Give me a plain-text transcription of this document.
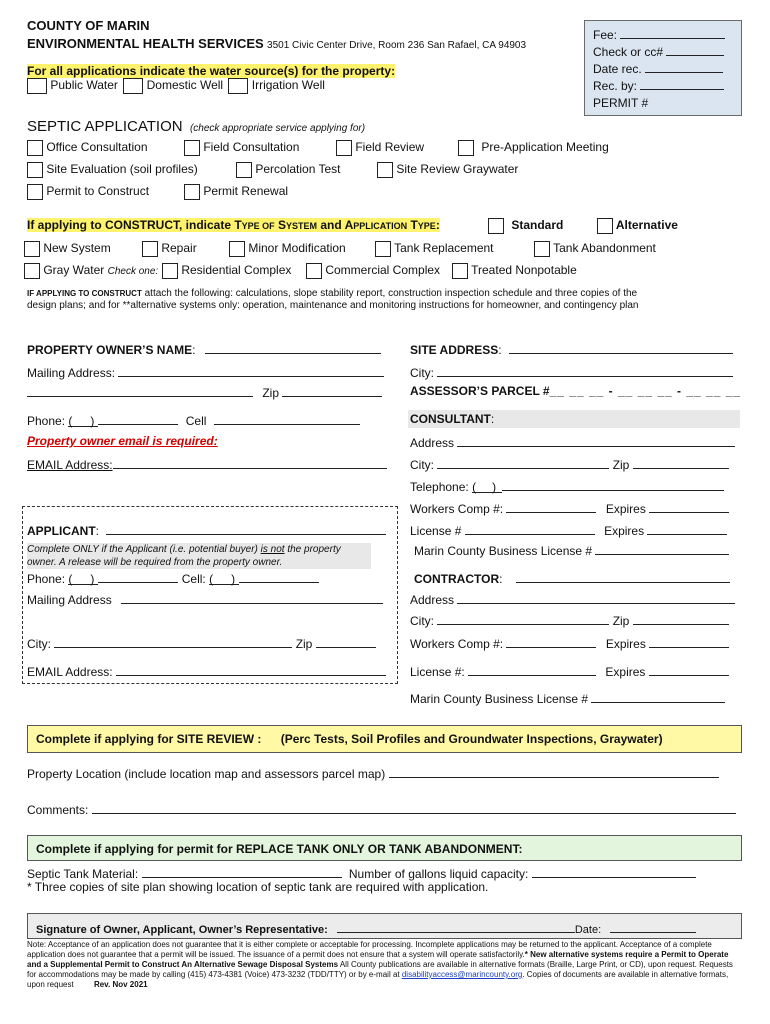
COUNTY OF MARIN
ENVIRONMENTAL HEALTH SERVICES 3501 Civic Center Drive, Room 236 San Rafael, CA 94903
For all applications indicate the water source(s) for the property:
Public Water Domestic Well Irrigation Well
Fee:
Check or cc#
Date rec.
Rec. by:
PERMIT #
SEPTIC APPLICATION (check appropriate service applying for)
Office Consultation	Field Consultation	Field Review	Pre-Application Meeting
Site Evaluation (soil profiles)	Percolation Test	Site Review Graywater
Permit to Construct	Permit Renewal
If applying to CONSTRUCT, indicate TYPE OF SYSTEM and APPLICATION TYPE:	Standard	Alternative
New System	Repair	Minor Modification	Tank Replacement	Tank Abandonment
Gray Water Check one:	Residential Complex	Commercial Complex	Treated Nonpotable
IF APPLYING TO CONSTRUCT attach the following: calculations, slope stability report, construction inspection schedule and three copies of the
design plans; and for **alternative systems only: operation, maintenance and monitoring instructions for homeowner, and contingency plan
PROPERTY OWNER’S NAME:
Mailing Address:
Zip
Phone: ( )	Cell
Property owner email is required:
EMAIL Address:
SITE ADDRESS:
City:
ASSESSOR’S PARCEL #__ __ __ - __ __ __ - __ __ __
CONSULTANT:
Address
City:	Zip
Telephone: ( )
Workers Comp #:	Expires
License #	Expires
Marin County Business License #
APPLICANT:
Complete ONLY if the Applicant (i.e. potential buyer) is not the property owner. A release will be required from the property owner.
Phone: ( )	Cell: ( )
Mailing Address
City:	Zip
EMAIL Address:
CONTRACTOR:
Address
City:	Zip
Workers Comp #:	Expires
License #:	Expires
Marin County Business License #
Complete if applying for SITE REVIEW : (Perc Tests, Soil Profiles and Groundwater Inspections, Graywater)
Property Location (include location map and assessors parcel map)
Comments:
Complete if applying for permit for REPLACE TANK ONLY OR TANK ABANDONMENT:
Septic Tank Material:	Number of gallons liquid capacity:
* Three copies of site plan showing location of septic tank are required with application.
Signature of Owner, Applicant, Owner’s Representative:	Date:
Note: Acceptance of an application does not guarantee that it is either complete or acceptable for processing. Incomplete applications may be returned to the applicant. Acceptance of a complete application does not guarantee that a permit will be issued. The issuance of a permit does not ensure that a system will operate satisfactorily.* New alternative systems require a Permit to Operate and a Supplemental Permit to Construct An Alternative Sewage Disposal Systems All County publications are available in alternative formats (Braille, Large Print, or CD), upon request. Requests for accommodations may be made by calling (415) 473-4381 (Voice) 473-3232 (TDD/TTY) or by e-mail at disabilityaccess@marincounty.org. Copies of documents are available in alternative formats, upon request	Rev. Nov 2021
